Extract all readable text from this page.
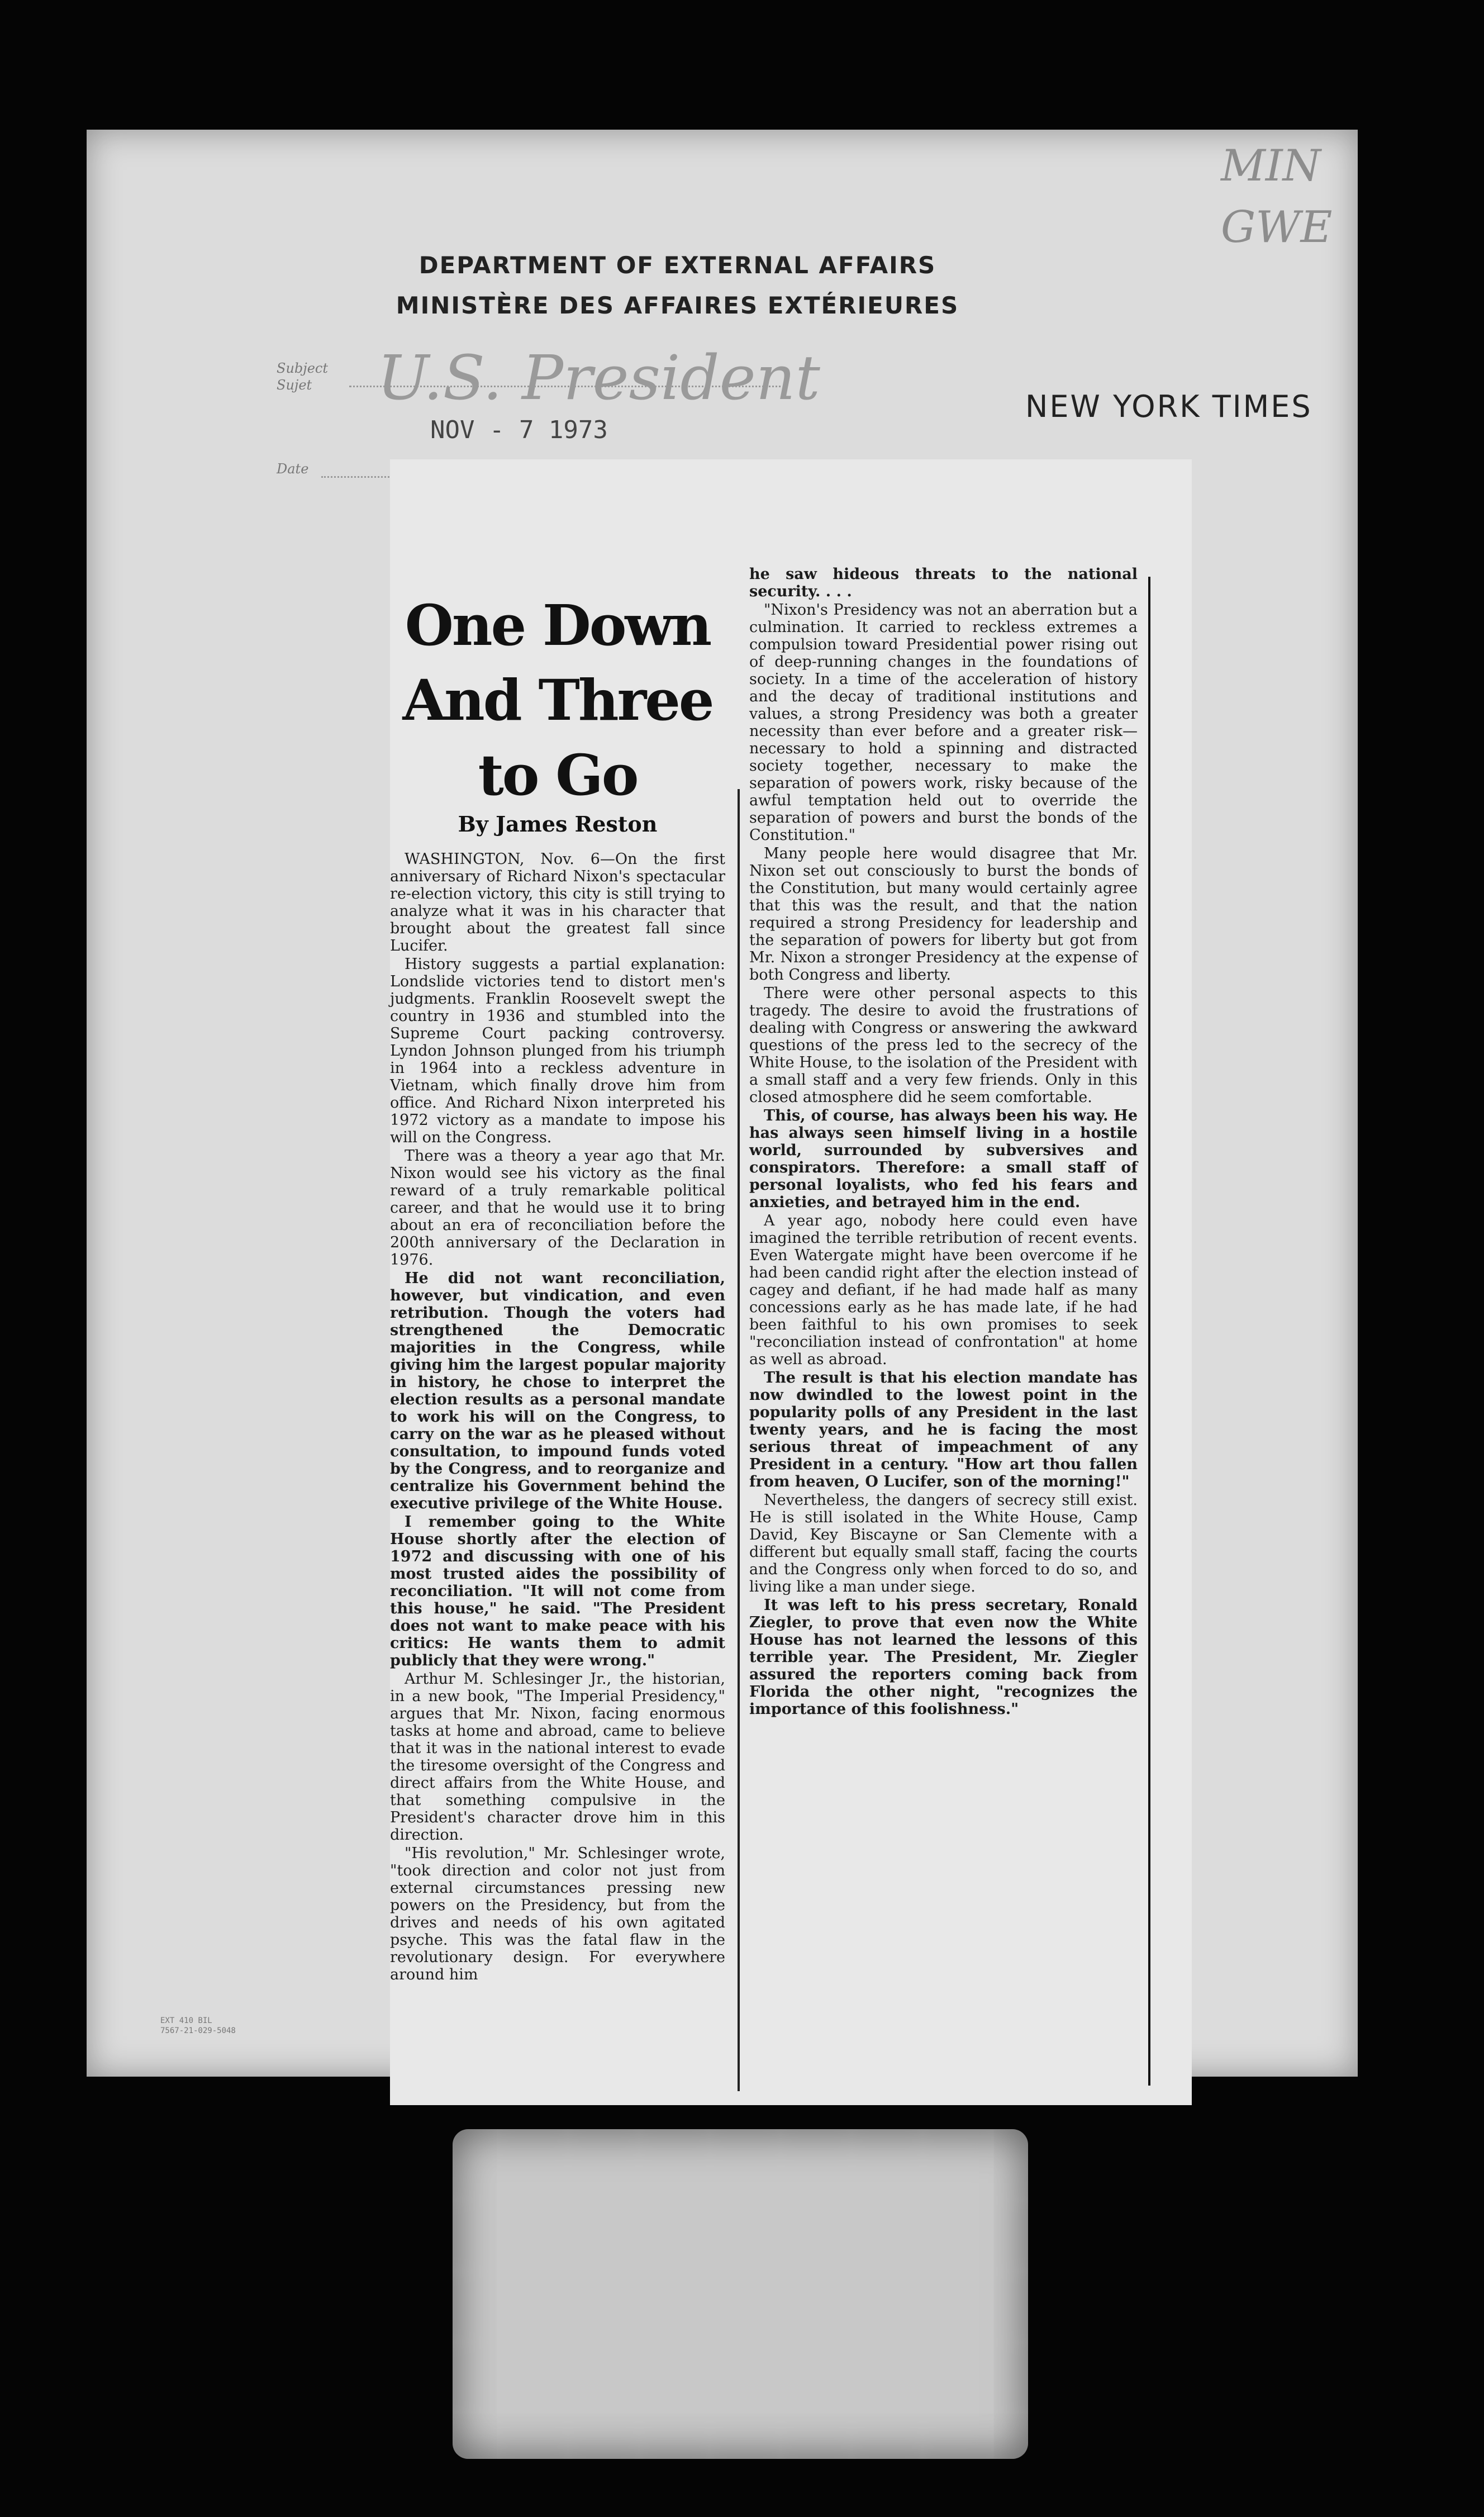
MIN
GWE
DEPARTMENT OF EXTERNAL AFFAIRS
MINISTÈRE DES AFFAIRES EXTÉRIEURES
Subject
Sujet U.S. President
Date
NOV - 7 1973
NEW YORK TIMES
One Down And Three to Go
By James Reston

WASHINGTON, Nov. 6—On the first anniversary of Richard Nixon's spectacular re-election victory, this city is still trying to analyze what it was in his character that brought about the greatest fall since Lucifer.

History suggests a partial explanation: Londslide victories tend to distort men's judgments. Franklin Roosevelt swept the country in 1936 and stumbled into the Supreme Court packing controversy. Lyndon Johnson plunged from his triumph in 1964 into a reckless adventure in Vietnam, which finally drove him from office. And Richard Nixon interpreted his 1972 victory as a mandate to impose his will on the Congress.

There was a theory a year ago that Mr. Nixon would see his victory as the final reward of a truly remarkable political career, and that he would use it to bring about an era of reconciliation before the 200th anniversary of the Declaration in 1976.

He did not want reconciliation, however, but vindication, and even retribution. Though the voters had strengthened the Democratic majorities in the Congress, while giving him the largest popular majority in history, he chose to interpret the election results as a personal mandate to work his will on the Congress, to carry on the war as he pleased without consultation, to impound funds voted by the Congress, and to reorganize and centralize his Government behind the executive privilege of the White House.

I remember going to the White House shortly after the election of 1972 and discussing with one of his most trusted aides the possibility of reconciliation. "It will not come from this house," he said. "The President does not want to make peace with his critics: He wants them to admit publicly that they were wrong."

Arthur M. Schlesinger Jr., the historian, in a new book, "The Imperial Presidency," argues that Mr. Nixon, facing enormous tasks at home and abroad, came to believe that it was in the national interest to evade the tiresome oversight of the Congress and direct affairs from the White House, and that something compulsive in the President's character drove him in this direction.

"His revolution," Mr. Schlesinger wrote, "took direction and color not just from external circumstances pressing new powers on the Presidency, but from the drives and needs of his own agitated psyche. This was the fatal flaw in the revolutionary design. For everywhere around him

he saw hideous threats to the national security. . . .

"Nixon's Presidency was not an aberration but a culmination. It carried to reckless extremes a compulsion toward Presidential power rising out of deep-running changes in the foundations of society. In a time of the acceleration of history and the decay of traditional institutions and values, a strong Presidency was both a greater necessity than ever before and a greater risk—necessary to hold a spinning and distracted society together, necessary to make the separation of powers work, risky because of the awful temptation held out to override the separation of powers and burst the bonds of the Constitution."

Many people here would disagree that Mr. Nixon set out consciously to burst the bonds of the Constitution, but many would certainly agree that this was the result, and that the nation required a strong Presidency for leadership and the separation of powers for liberty but got from Mr. Nixon a stronger Presidency at the expense of both Congress and liberty.

There were other personal aspects to this tragedy. The desire to avoid the frustrations of dealing with Congress or answering the awkward questions of the press led to the secrecy of the White House, to the isolation of the President with a small staff and a very few friends. Only in this closed atmosphere did he seem comfortable.

This, of course, has always been his way. He has always seen himself living in a hostile world, surrounded by subversives and conspirators. Therefore: a small staff of personal loyalists, who fed his fears and anxieties, and betrayed him in the end.

A year ago, nobody here could even have imagined the terrible retribution of recent events. Even Watergate might have been overcome if he had been candid right after the election instead of cagey and defiant, if he had made half as many concessions early as he has made late, if he had been faithful to his own promises to seek "reconciliation instead of confrontation" at home as well as abroad.

The result is that his election mandate has now dwindled to the lowest point in the popularity polls of any President in the last twenty years, and he is facing the most serious threat of impeachment of any President in a century. "How art thou fallen from heaven, O Lucifer, son of the morning!"

Nevertheless, the dangers of secrecy still exist. He is still isolated in the White House, Camp David, Key Biscayne or San Clemente with a different but equally small staff, facing the courts and the Congress only when forced to do so, and living like a man under siege.

It was left to his press secretary, Ronald Ziegler, to prove that even now the White House has not learned the lessons of this terrible year. The President, Mr. Ziegler assured the reporters coming back from Florida the other night, "recognizes the importance of this foolishness."

EXT 410 BIL
7567-21-029-5048
